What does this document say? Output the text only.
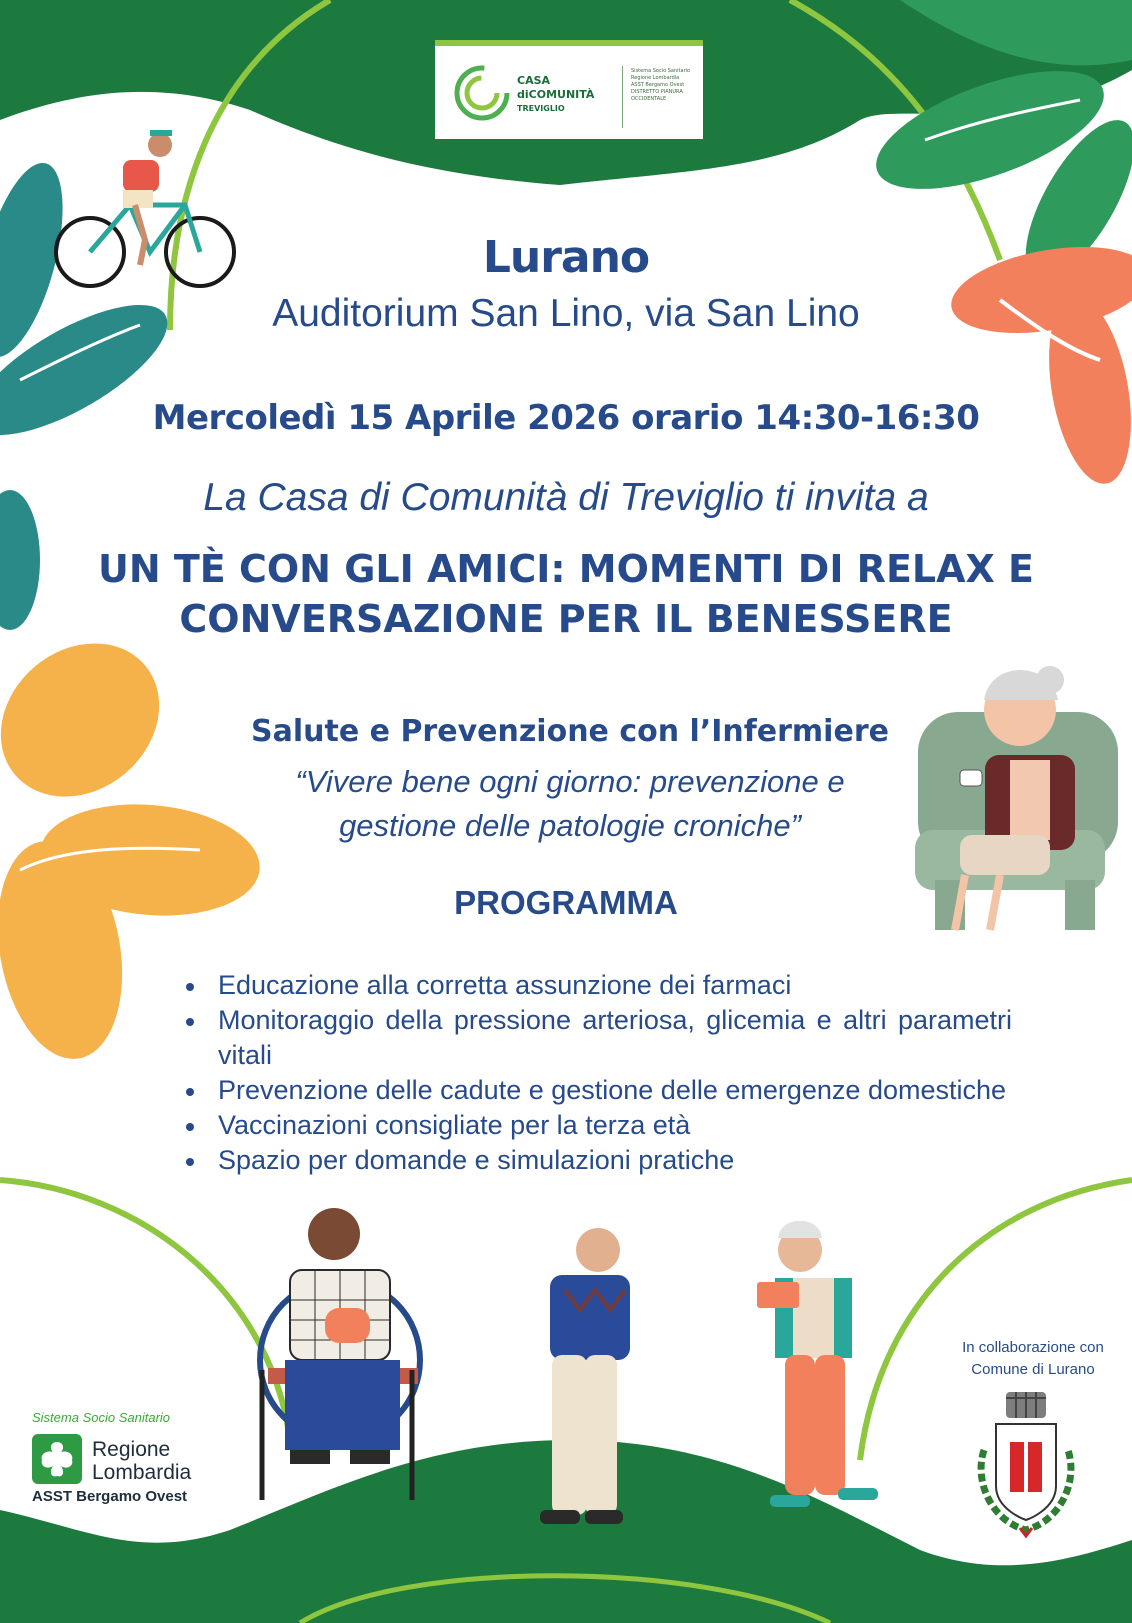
CASA
diCOMUNITÀ
TREVIGLIO
Sistema Socio Sanitario
Regione Lombardia
ASST Bergamo Ovest
DISTRETTO PIANURA OCCIDENTALE
Lurano
Auditorium San Lino, via San Lino
Mercoledì 15 Aprile 2026 orario 14:30-16:30
La Casa di Comunità di Treviglio ti invita a
UN TÈ CON GLI AMICI: MOMENTI DI RELAX E
CONVERSAZIONE PER IL BENESSERE
Salute e Prevenzione con l’Infermiere
“Vivere bene ogni giorno: prevenzione e
gestione delle patologie croniche”
PROGRAMMA
Educazione alla corretta assunzione dei farmaci
Monitoraggio della pressione arteriosa, glicemia e altri parametri vitali
Prevenzione delle cadute e gestione delle emergenze domestiche
Vaccinazioni consigliate per la terza età
Spazio per domande e simulazioni pratiche
Sistema Socio Sanitario
Regione
Lombardia
ASST Bergamo Ovest
In collaborazione con
Comune di Lurano
